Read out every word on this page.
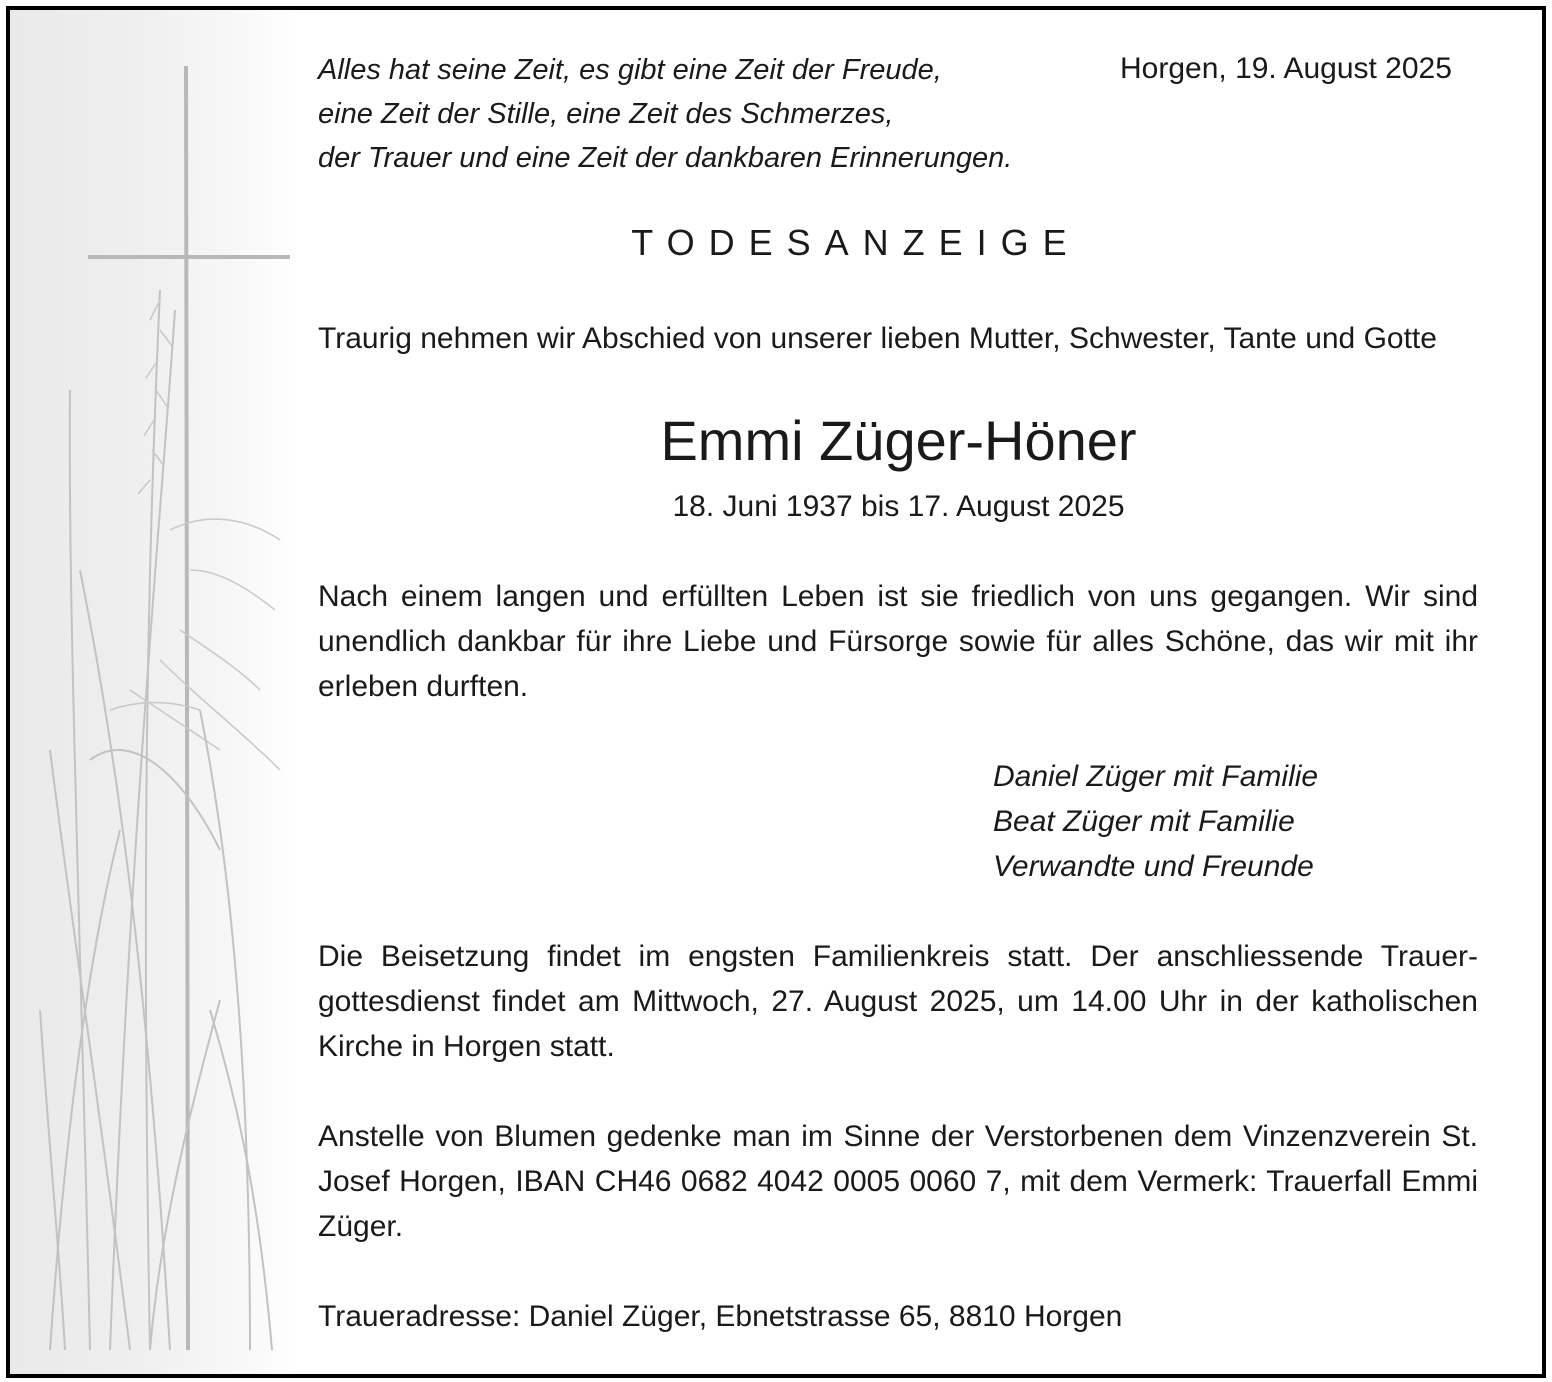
Alles hat seine Zeit, es gibt eine Zeit der Freude,
eine Zeit der Stille, eine Zeit des Schmerzes,
der Trauer und eine Zeit der dankbaren Erinnerungen.
Horgen, 19. August 2025
TODESANZEIGE
Traurig nehmen wir Abschied von unserer lieben Mutter, Schwester, Tante und Gotte
Emmi Züger-Höner
18. Juni 1937 bis 17. August 2025
Nach einem langen und erfüllten Leben ist sie friedlich von uns gegangen. Wir sind unendlich dankbar für ihre Liebe und Fürsorge sowie für alles Schöne, das wir mit ihr erleben durften.
Daniel Züger mit Familie
Beat Züger mit Familie
Verwandte und Freunde
Die Beisetzung findet im engsten Familienkreis statt. Der anschliessende Trauergottesdienst findet am Mittwoch, 27. August 2025, um 14.00 Uhr in der katholischen Kirche in Horgen statt.
Anstelle von Blumen gedenke man im Sinne der Verstorbenen dem Vinzenzverein St. Josef Horgen, IBAN CH46 0682 4042 0005 0060 7, mit dem Vermerk: Trauerfall Emmi Züger.
Traueradresse: Daniel Züger, Ebnetstrasse 65, 8810 Horgen
